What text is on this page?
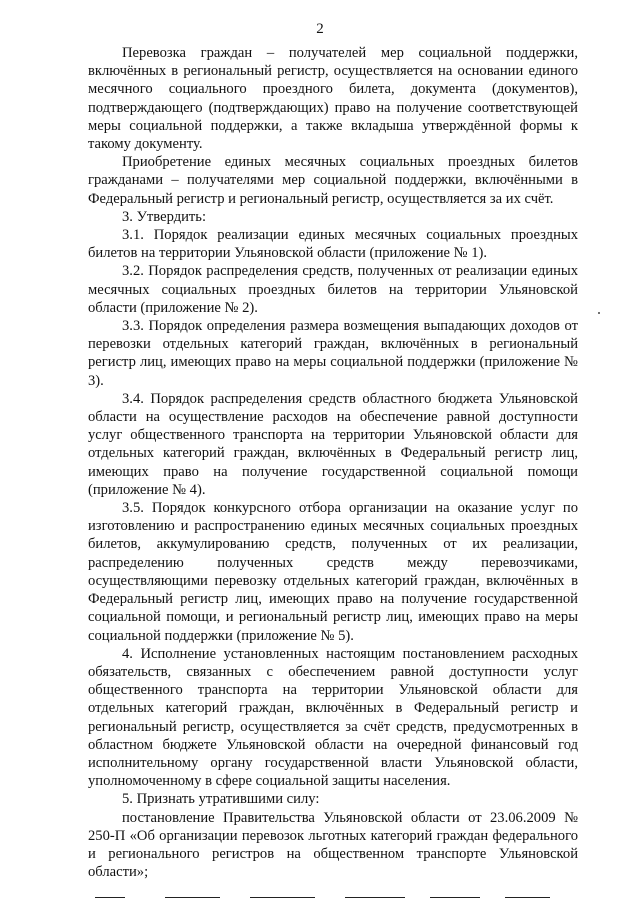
2

Перевозка граждан – получателей мер социальной поддержки, включённых в региональный регистр, осуществляется на основании единого месячного социального проездного билета, документа (документов), подтверждающего (подтверждающих) право на получение соответствующей меры социальной поддержки, а также вкладыша утверждённой формы к такому документу.

Приобретение единых месячных социальных проездных билетов гражданами – получателями мер социальной поддержки, включёнными в Федеральный регистр и региональный регистр, осуществляется за их счёт.

3. Утвердить:

3.1. Порядок реализации единых месячных социальных проездных билетов на территории Ульяновской области (приложение № 1).

3.2. Порядок распределения средств, полученных от реализации единых месячных социальных проездных билетов на территории Ульяновской области (приложение № 2).

3.3. Порядок определения размера возмещения выпадающих доходов от перевозки отдельных категорий граждан, включённых в региональный регистр лиц, имеющих право на меры социальной поддержки (приложение № 3).

3.4. Порядок распределения средств областного бюджета Ульяновской области на осуществление расходов на обеспечение равной доступности услуг общественного транспорта на территории Ульяновской области для отдельных категорий граждан, включённых в Федеральный регистр лиц, имеющих право на получение государственной социальной помощи (приложение № 4).

3.5. Порядок конкурсного отбора организации на оказание услуг по изготовлению и распространению единых месячных социальных проездных билетов, аккумулированию средств, полученных от их реализации, распределению полученных средств между перевозчиками, осуществляющими перевозку отдельных категорий граждан, включённых в Федеральный регистр лиц, имеющих право на получение государственной социальной помощи, и региональный регистр лиц, имеющих право на меры социальной поддержки (приложение № 5).

4. Исполнение установленных настоящим постановлением расходных обязательств, связанных с обеспечением равной доступности услуг общественного транспорта на территории Ульяновской области для отдельных категорий граждан, включённых в Федеральный регистр и региональный регистр, осуществляется за счёт средств, предусмотренных в областном бюджете Ульяновской области на очередной финансовый год исполнительному органу государственной власти Ульяновской области, уполномоченному в сфере социальной защиты населения.

5. Признать утратившими силу:

постановление Правительства Ульяновской области от 23.06.2009 № 250-П «Об организации перевозок льготных категорий граждан федерального и регионального регистров на общественном транспорте Ульяновской области»;
